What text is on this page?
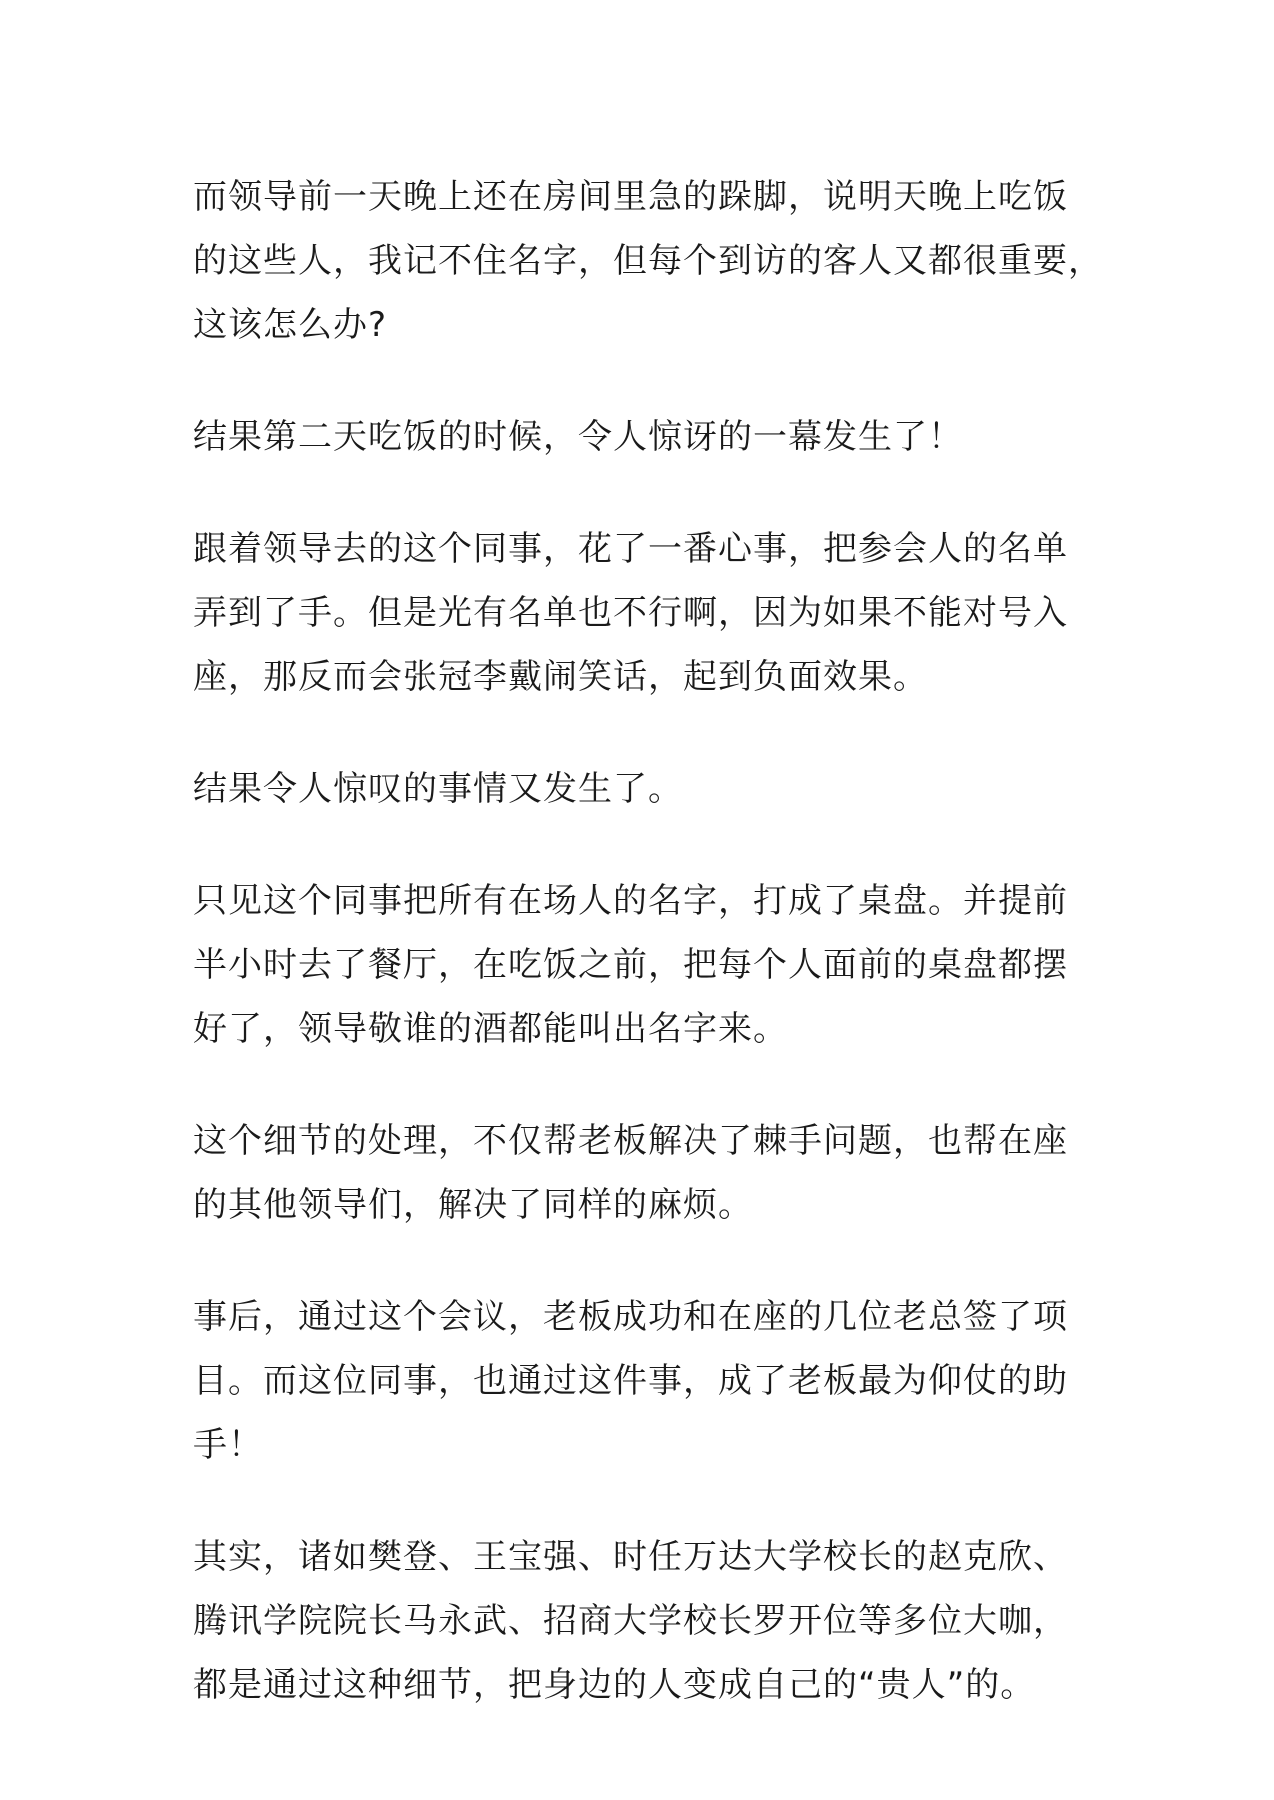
而领导前一天晚上还在房间里急的跺脚，说明天晚上吃饭
的这些人，我记不住名字，但每个到访的客人又都很重要，
这该怎么办?

结果第二天吃饭的时候，令人惊讶的一幕发生了！

跟着领导去的这个同事，花了一番心事，把参会人的名单
弄到了手。但是光有名单也不行啊，因为如果不能对号入
座，那反而会张冠李戴闹笑话，起到负面效果。

结果令人惊叹的事情又发生了。

只见这个同事把所有在场人的名字，打成了桌盘。并提前
半小时去了餐厅，在吃饭之前，把每个人面前的桌盘都摆
好了，领导敬谁的酒都能叫出名字来。

这个细节的处理，不仅帮老板解决了棘手问题，也帮在座
的其他领导们，解决了同样的麻烦。

事后，通过这个会议，老板成功和在座的几位老总签了项
目。而这位同事，也通过这件事，成了老板最为仰仗的助
手！

其实，诸如樊登、王宝强、时任万达大学校长的赵克欣、
腾讯学院院长马永武、招商大学校长罗开位等多位大咖，
都是通过这种细节，把身边的人变成自己的“贵人”的。
